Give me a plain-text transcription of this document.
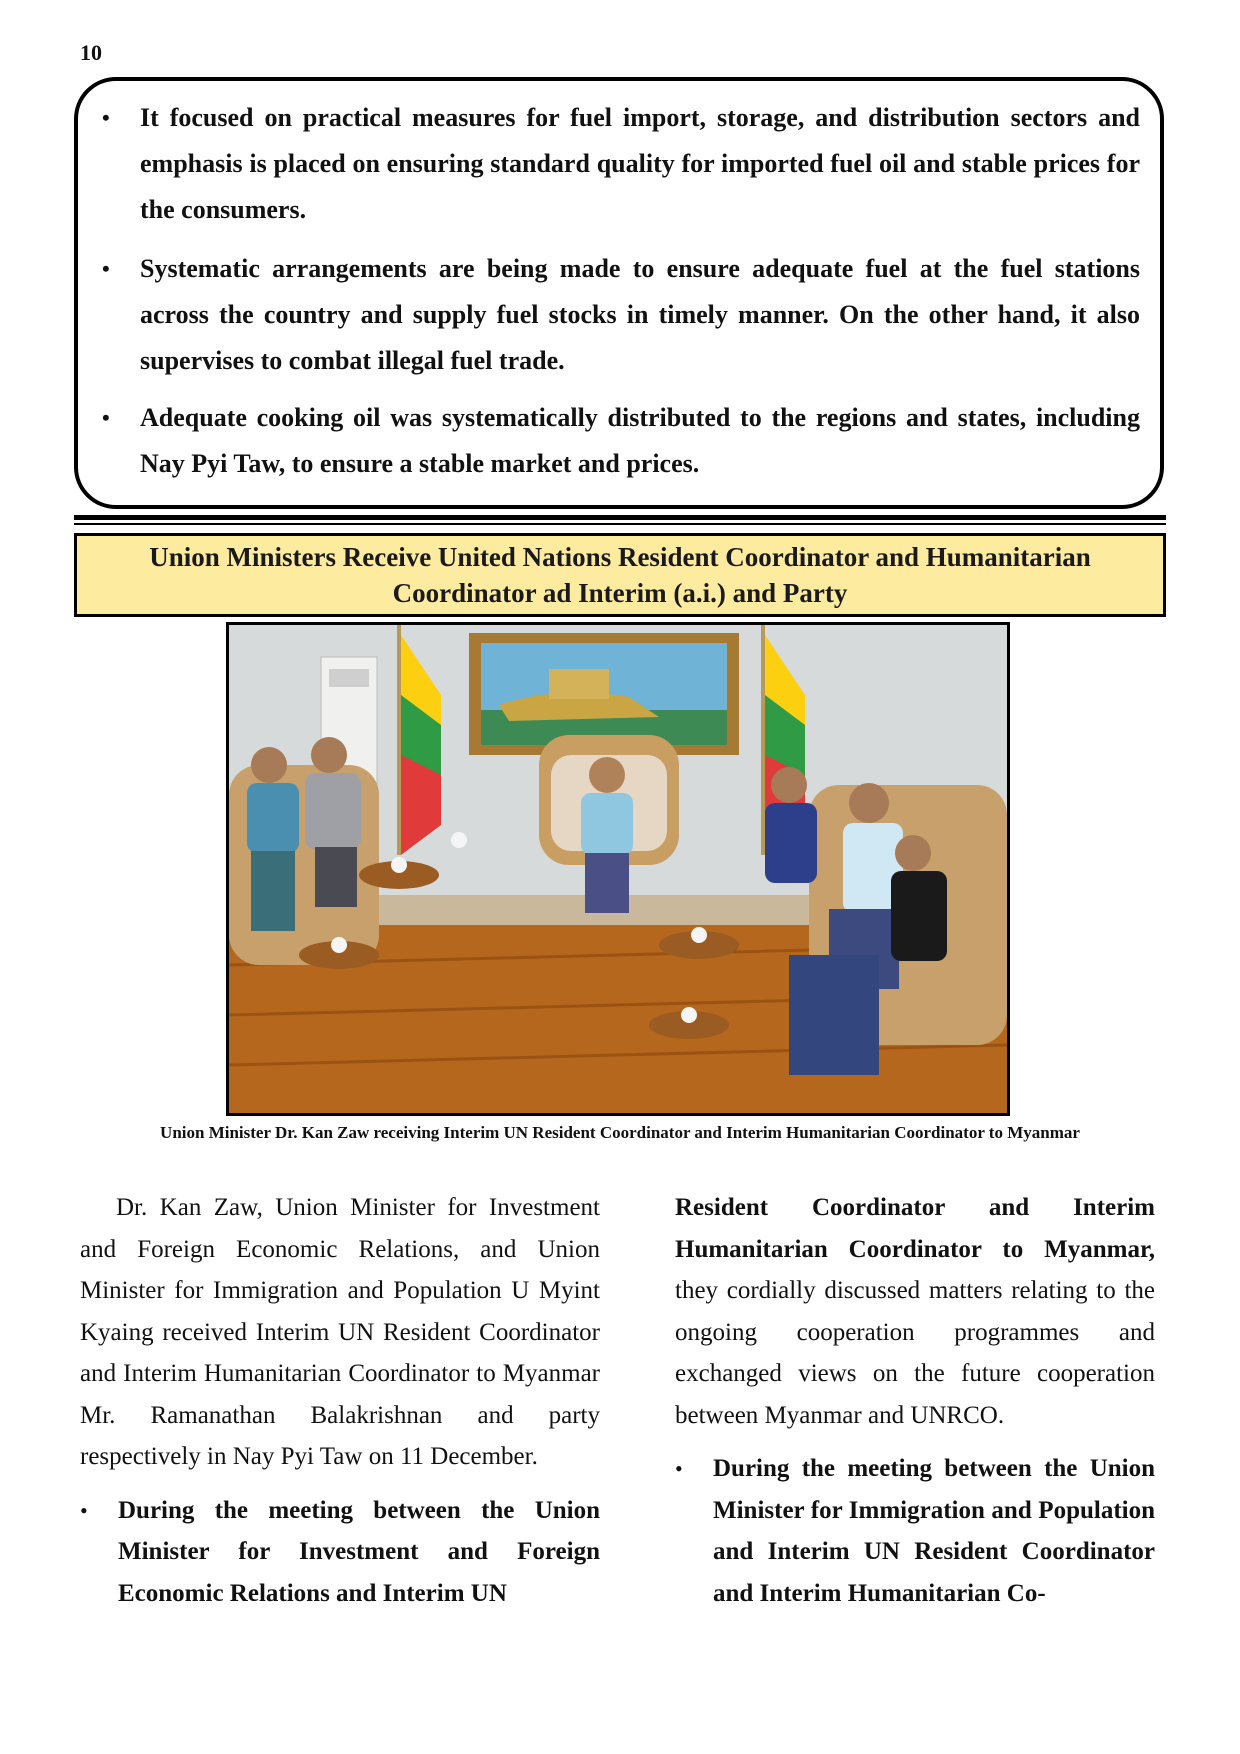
10
• It focused on practical measures for fuel import, storage, and distribution sectors and emphasis is placed on ensuring standard quality for imported fuel oil and stable prices for the consumers.
• Systematic arrangements are being made to ensure adequate fuel at the fuel stations across the country and supply fuel stocks in timely manner. On the other hand, it also supervises to combat illegal fuel trade.
• Adequate cooking oil was systematically distributed to the regions and states, including Nay Pyi Taw, to ensure a stable market and prices.
Union Ministers Receive United Nations Resident Coordinator and Humanitarian Coordinator ad Interim (a.i.) and Party
Union Minister Dr. Kan Zaw receiving Interim UN Resident Coordinator and Interim Humanitarian Coordinator to Myanmar

Dr. Kan Zaw, Union Minister for Investment and Foreign Economic Relations, and Union Minister for Immigration and Population U Myint Kyaing received Interim UN Resident Coordinator and Interim Humanitarian Coordinator to Myanmar Mr. Ramanathan Balakrishnan and party respectively in Nay Pyi Taw on 11 December.

• During the meeting between the Union Minister for Investment and Foreign Economic Relations and Interim UN

Resident Coordinator and Interim Humanitarian Coordinator to Myanmar, they cordially discussed matters relating to the ongoing cooperation programmes and exchanged views on the future cooperation between Myanmar and UNRCO.

• During the meeting between the Union Minister for Immigration and Population and Interim UN Resident Coordinator and Interim Humanitarian Co-
